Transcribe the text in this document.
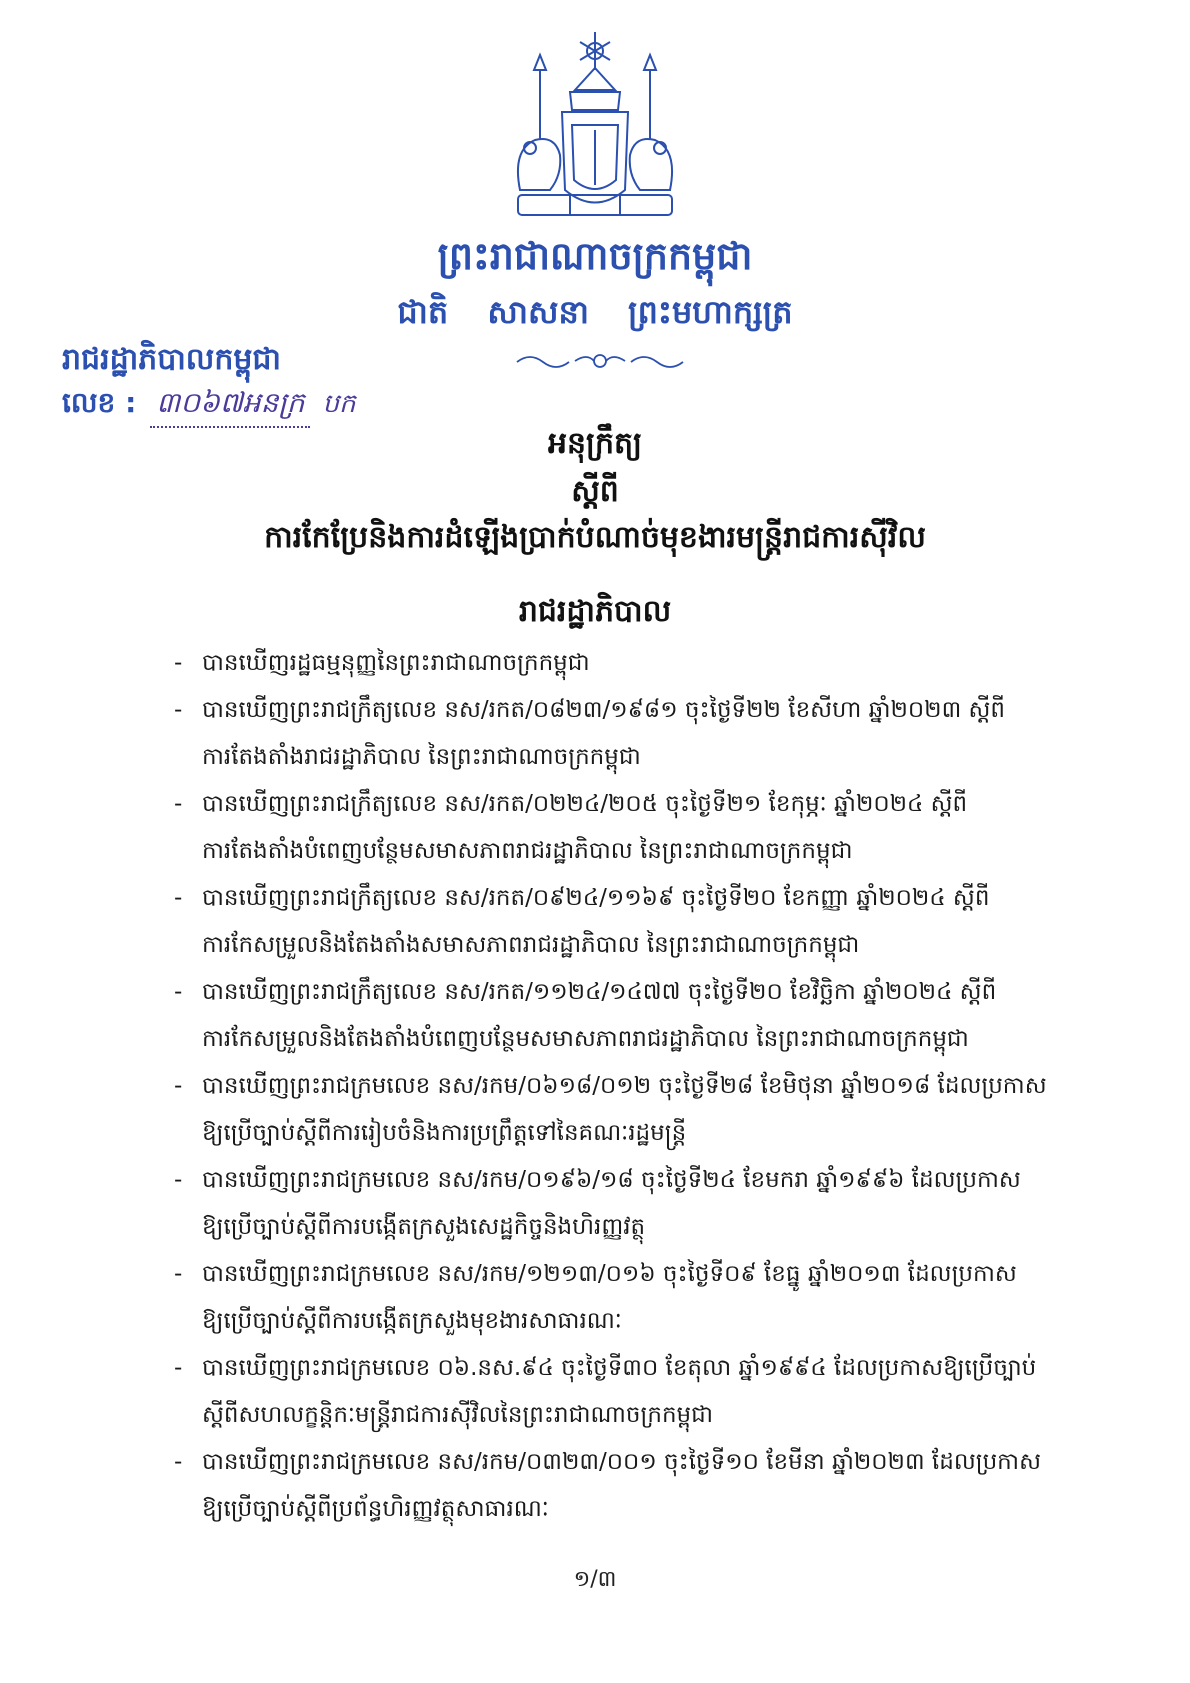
ព្រះរាជាណាចក្រកម្ពុជា
ជាតិ សាសនា ព្រះមហាក្សត្រ
រាជរដ្ឋាភិបាលកម្ពុជា
លេខ : ៣០៦៧អនក្រ បក
អនុក្រឹត្យ
ស្តីពី
ការកែប្រែនិងការដំឡើងប្រាក់បំណាច់មុខងារមន្ត្រីរាជការស៊ីវិល
រាជរដ្ឋាភិបាល
- បានឃើញរដ្ឋធម្មនុញ្ញនៃព្រះរាជាណាចក្រកម្ពុជា
- បានឃើញព្រះរាជក្រឹត្យលេខ នស/រកត/០៨២៣/១៩៨១ ចុះថ្ងៃទី២២ ខែសីហា ឆ្នាំ២០២៣ ស្តីពី
ការតែងតាំងរាជរដ្ឋាភិបាល នៃព្រះរាជាណាចក្រកម្ពុជា
- បានឃើញព្រះរាជក្រឹត្យលេខ នស/រកត/០២២៤/២០៥ ចុះថ្ងៃទី២១ ខែកុម្ភៈ ឆ្នាំ២០២៤ ស្តីពី
ការតែងតាំងបំពេញបន្ថែមសមាសភាពរាជរដ្ឋាភិបាល នៃព្រះរាជាណាចក្រកម្ពុជា
- បានឃើញព្រះរាជក្រឹត្យលេខ នស/រកត/០៩២៤/១១៦៩ ចុះថ្ងៃទី២០ ខែកញ្ញា ឆ្នាំ២០២៤ ស្តីពី
ការកែសម្រួលនិងតែងតាំងសមាសភាពរាជរដ្ឋាភិបាល នៃព្រះរាជាណាចក្រកម្ពុជា
- បានឃើញព្រះរាជក្រឹត្យលេខ នស/រកត/១១២៤/១៤៧៧ ចុះថ្ងៃទី២០ ខែវិច្ឆិកា ឆ្នាំ២០២៤ ស្តីពី
ការកែសម្រួលនិងតែងតាំងបំពេញបន្ថែមសមាសភាពរាជរដ្ឋាភិបាល នៃព្រះរាជាណាចក្រកម្ពុជា
- បានឃើញព្រះរាជក្រមលេខ នស/រកម/០៦១៨/០១២ ចុះថ្ងៃទី២៨ ខែមិថុនា ឆ្នាំ២០១៨ ដែលប្រកាស
ឱ្យប្រើច្បាប់ស្តីពីការរៀបចំនិងការប្រព្រឹត្តទៅនៃគណៈរដ្ឋមន្ត្រី
- បានឃើញព្រះរាជក្រមលេខ នស/រកម/០១៩៦/១៨ ចុះថ្ងៃទី២៤ ខែមករា ឆ្នាំ១៩៩៦ ដែលប្រកាស
ឱ្យប្រើច្បាប់ស្តីពីការបង្កើតក្រសួងសេដ្ឋកិច្ចនិងហិរញ្ញវត្ថុ
- បានឃើញព្រះរាជក្រមលេខ នស/រកម/១២១៣/០១៦ ចុះថ្ងៃទី០៩ ខែធ្នូ ឆ្នាំ២០១៣ ដែលប្រកាស
ឱ្យប្រើច្បាប់ស្តីពីការបង្កើតក្រសួងមុខងារសាធារណៈ
- បានឃើញព្រះរាជក្រមលេខ ០៦.នស.៩៤ ចុះថ្ងៃទី៣០ ខែតុលា ឆ្នាំ១៩៩៤ ដែលប្រកាសឱ្យប្រើច្បាប់
ស្តីពីសហលក្ខន្តិកៈមន្ត្រីរាជការស៊ីវិលនៃព្រះរាជាណាចក្រកម្ពុជា
- បានឃើញព្រះរាជក្រមលេខ នស/រកម/០៣២៣/០០១ ចុះថ្ងៃទី១០ ខែមីនា ឆ្នាំ២០២៣ ដែលប្រកាស
ឱ្យប្រើច្បាប់ស្តីពីប្រព័ន្ធហិរញ្ញវត្ថុសាធារណៈ
១/៣
